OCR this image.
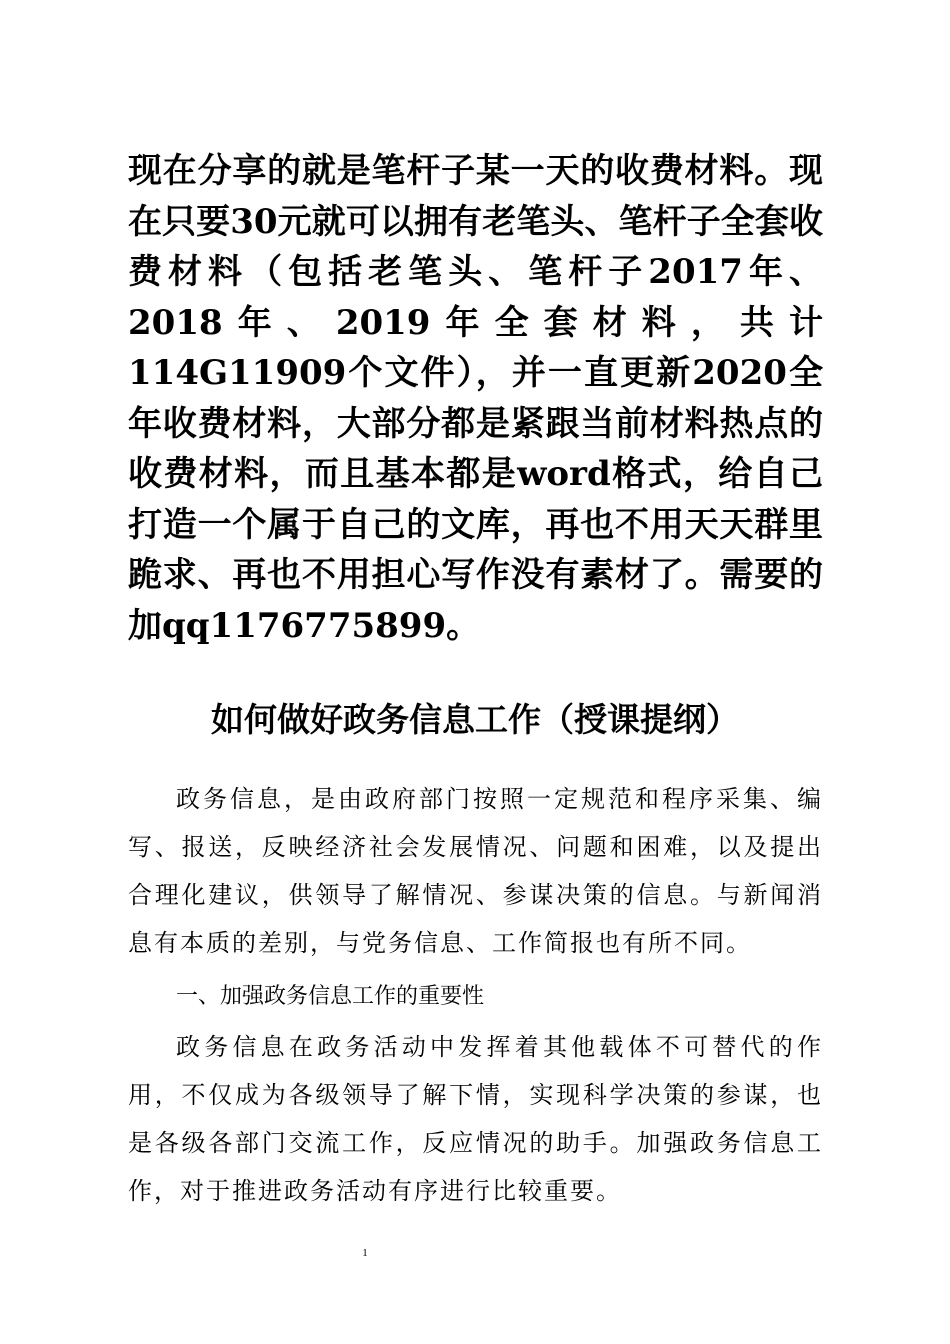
现在分享的就是笔杆子某一天的收费材料。现在只要30元就可以拥有老笔头、笔杆子全套收费材料（包括老笔头、笔杆子2017年、2018年、2019年全套材料，共计114G11909个文件），并一直更新2020全年收费材料，大部分都是紧跟当前材料热点的收费材料，而且基本都是word格式，给自己打造一个属于自己的文库，再也不用天天群里跪求、再也不用担心写作没有素材了。需要的加qq1176775899。

如何做好政务信息工作（授课提纲）

政务信息，是由政府部门按照一定规范和程序采集、编写、报送，反映经济社会发展情况、问题和困难，以及提出合理化建议，供领导了解情况、参谋决策的信息。与新闻消息有本质的差别，与党务信息、工作简报也有所不同。

一、加强政务信息工作的重要性

政务信息在政务活动中发挥着其他载体不可替代的作用，不仅成为各级领导了解下情，实现科学决策的参谋，也是各级各部门交流工作，反应情况的助手。加强政务信息工作，对于推进政务活动有序进行比较重要。

1
